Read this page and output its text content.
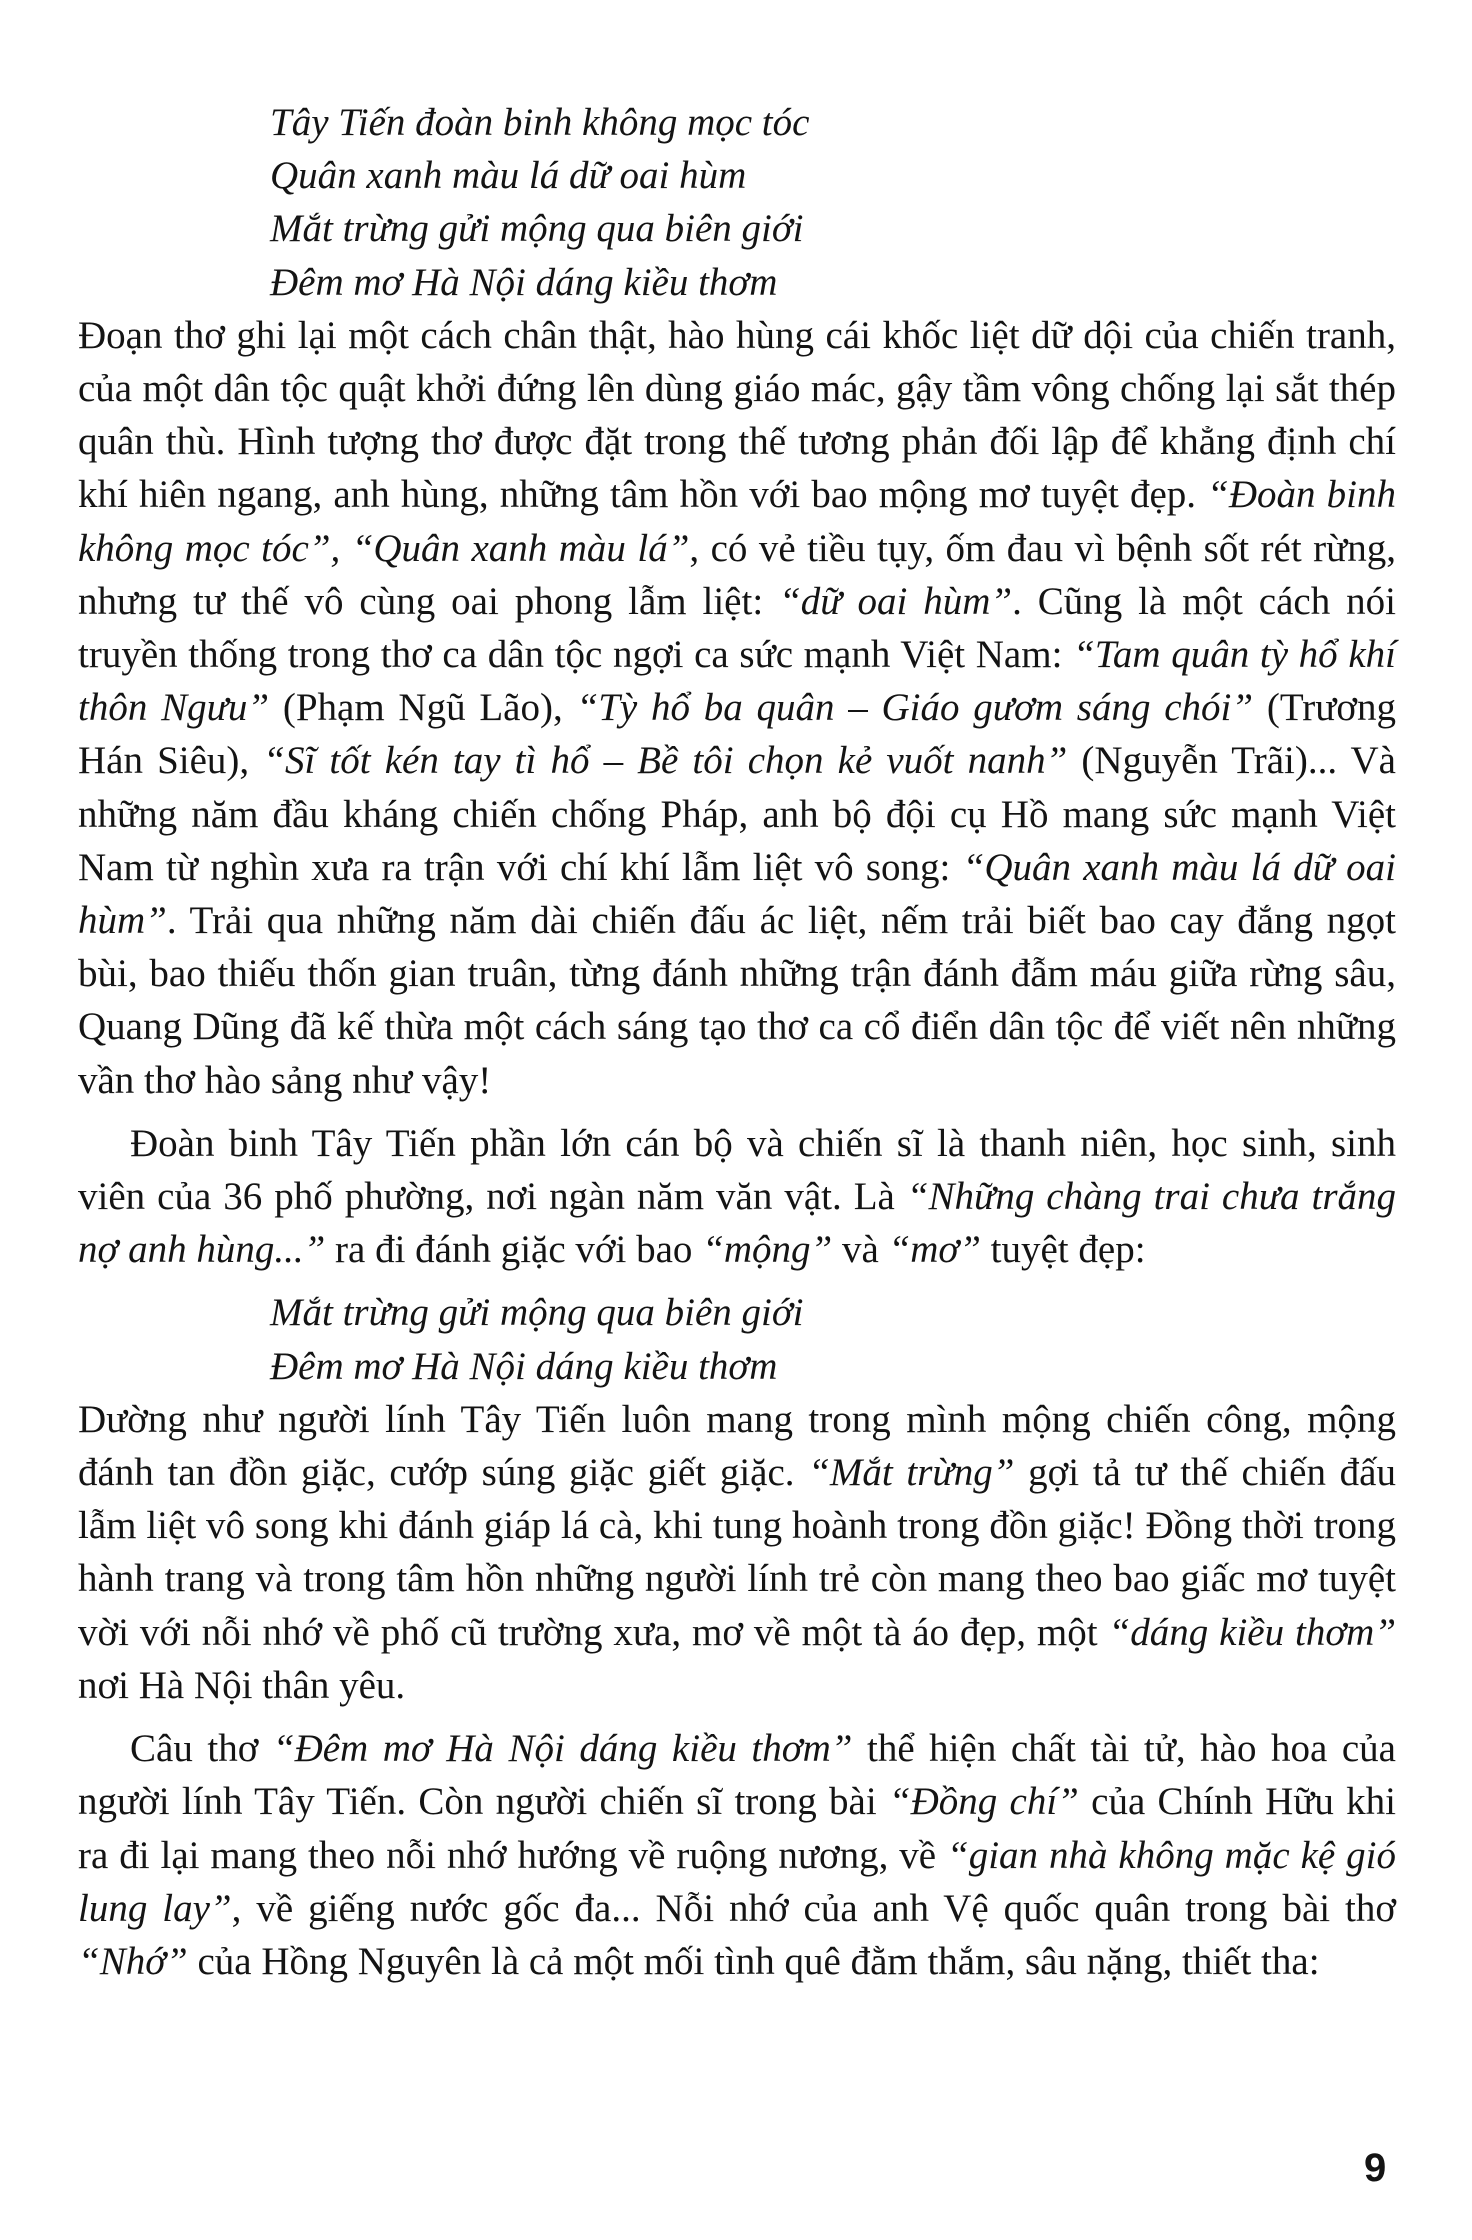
Tây Tiến đoàn binh không mọc tóc
Quân xanh màu lá dữ oai hùm
Mắt trừng gửi mộng qua biên giới
Đêm mơ Hà Nội dáng kiều thơm

Đoạn thơ ghi lại một cách chân thật, hào hùng cái khốc liệt dữ dội của chiến tranh, của một dân tộc quật khởi đứng lên dùng giáo mác, gậy tầm vông chống lại sắt thép quân thù. Hình tượng thơ được đặt trong thế tương phản đối lập để khẳng định chí khí hiên ngang, anh hùng, những tâm hồn với bao mộng mơ tuyệt đẹp. “Đoàn binh không mọc tóc”, “Quân xanh màu lá”, có vẻ tiều tụy, ốm đau vì bệnh sốt rét rừng, nhưng tư thế vô cùng oai phong lẫm liệt: “dữ oai hùm”. Cũng là một cách nói truyền thống trong thơ ca dân tộc ngợi ca sức mạnh Việt Nam: “Tam quân tỳ hổ khí thôn Ngưu” (Phạm Ngũ Lão), “Tỳ hổ ba quân – Giáo gươm sáng chói” (Trương Hán Siêu), “Sĩ tốt kén tay tì hổ – Bề tôi chọn kẻ vuốt nanh” (Nguyễn Trãi)... Và những năm đầu kháng chiến chống Pháp, anh bộ đội cụ Hồ mang sức mạnh Việt Nam từ nghìn xưa ra trận với chí khí lẫm liệt vô song: “Quân xanh màu lá dữ oai hùm”. Trải qua những năm dài chiến đấu ác liệt, nếm trải biết bao cay đắng ngọt bùi, bao thiếu thốn gian truân, từng đánh những trận đánh đẫm máu giữa rừng sâu, Quang Dũng đã kế thừa một cách sáng tạo thơ ca cổ điển dân tộc để viết nên những vần thơ hào sảng như vậy!

Đoàn binh Tây Tiến phần lớn cán bộ và chiến sĩ là thanh niên, học sinh, sinh viên của 36 phố phường, nơi ngàn năm văn vật. Là “Những chàng trai chưa trắng nợ anh hùng...” ra đi đánh giặc với bao “mộng” và “mơ” tuyệt đẹp:

Mắt trừng gửi mộng qua biên giới
Đêm mơ Hà Nội dáng kiều thơm

Dường như người lính Tây Tiến luôn mang trong mình mộng chiến công, mộng đánh tan đồn giặc, cướp súng giặc giết giặc. “Mắt trừng” gợi tả tư thế chiến đấu lẫm liệt vô song khi đánh giáp lá cà, khi tung hoành trong đồn giặc! Đồng thời trong hành trang và trong tâm hồn những người lính trẻ còn mang theo bao giấc mơ tuyệt vời với nỗi nhớ về phố cũ trường xưa, mơ về một tà áo đẹp, một “dáng kiều thơm” nơi Hà Nội thân yêu.

Câu thơ “Đêm mơ Hà Nội dáng kiều thơm” thể hiện chất tài tử, hào hoa của người lính Tây Tiến. Còn người chiến sĩ trong bài “Đồng chí” của Chính Hữu khi ra đi lại mang theo nỗi nhớ hướng về ruộng nương, về “gian nhà không mặc kệ gió lung lay”, về giếng nước gốc đa... Nỗi nhớ của anh Vệ quốc quân trong bài thơ “Nhớ” của Hồng Nguyên là cả một mối tình quê đằm thắm, sâu nặng, thiết tha:

9
